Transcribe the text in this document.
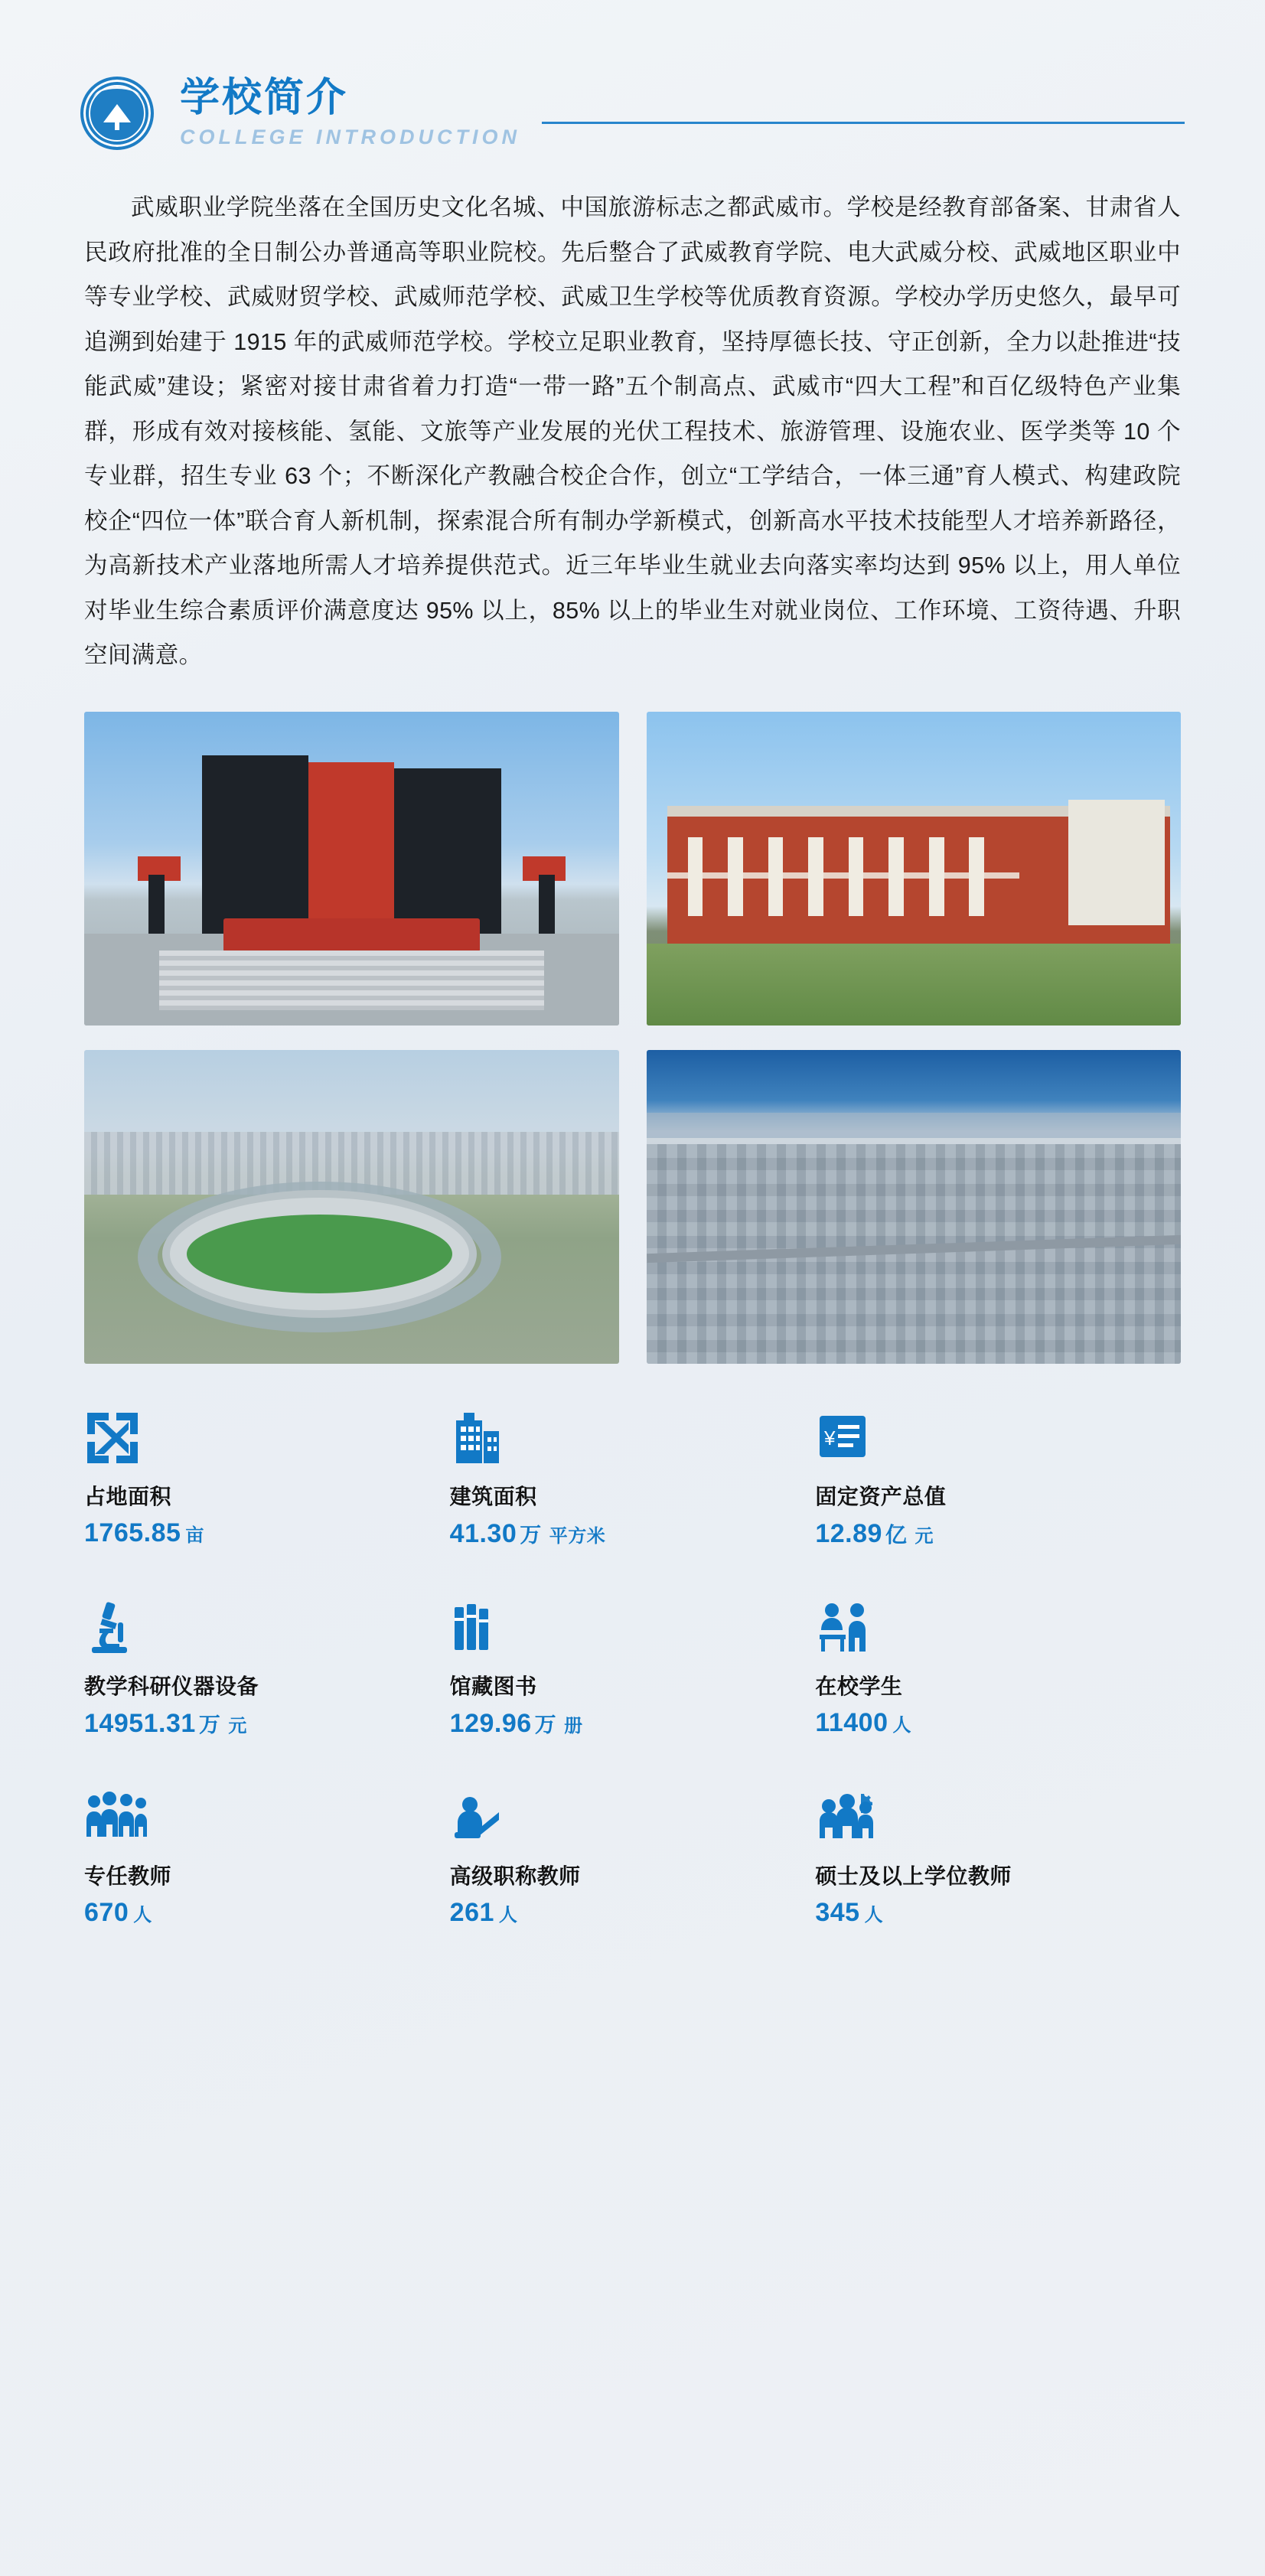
学校简介
COLLEGE INTRODUCTION
武威职业学院坐落在全国历史文化名城、中国旅游标志之都武威市。学校是经教育部备案、甘肃省人民政府批准的全日制公办普通高等职业院校。先后整合了武威教育学院、电大武威分校、武威地区职业中等专业学校、武威财贸学校、武威师范学校、武威卫生学校等优质教育资源。学校办学历史悠久，最早可追溯到始建于 1915 年的武威师范学校。学校立足职业教育，坚持厚德长技、守正创新，全力以赴推进“技能武威”建设；紧密对接甘肃省着力打造“一带一路”五个制高点、武威市“四大工程”和百亿级特色产业集群，形成有效对接核能、氢能、文旅等产业发展的光伏工程技术、旅游管理、设施农业、医学类等 10 个专业群，招生专业 63 个；不断深化产教融合校企合作，创立“工学结合，一体三通”育人模式、构建政院校企“四位一体”联合育人新机制，探索混合所有制办学新模式，创新高水平技术技能型人才培养新路径，为高新技术产业落地所需人才培养提供范式。近三年毕业生就业去向落实率均达到 95% 以上，用人单位对毕业生综合素质评价满意度达 95% 以上，85% 以上的毕业生对就业岗位、工作环境、工资待遇、升职空间满意。
占地面积
1765.85 亩
建筑面积
41.30 万 平方米
¥
固定资产总值
12.89 亿 元
教学科研仪器设备
14951.31 万 元
馆藏图书
129.96 万 册
在校学生
11400 人
专任教师
670 人
高级职称教师
261 人
硕士及以上学位教师
345 人
